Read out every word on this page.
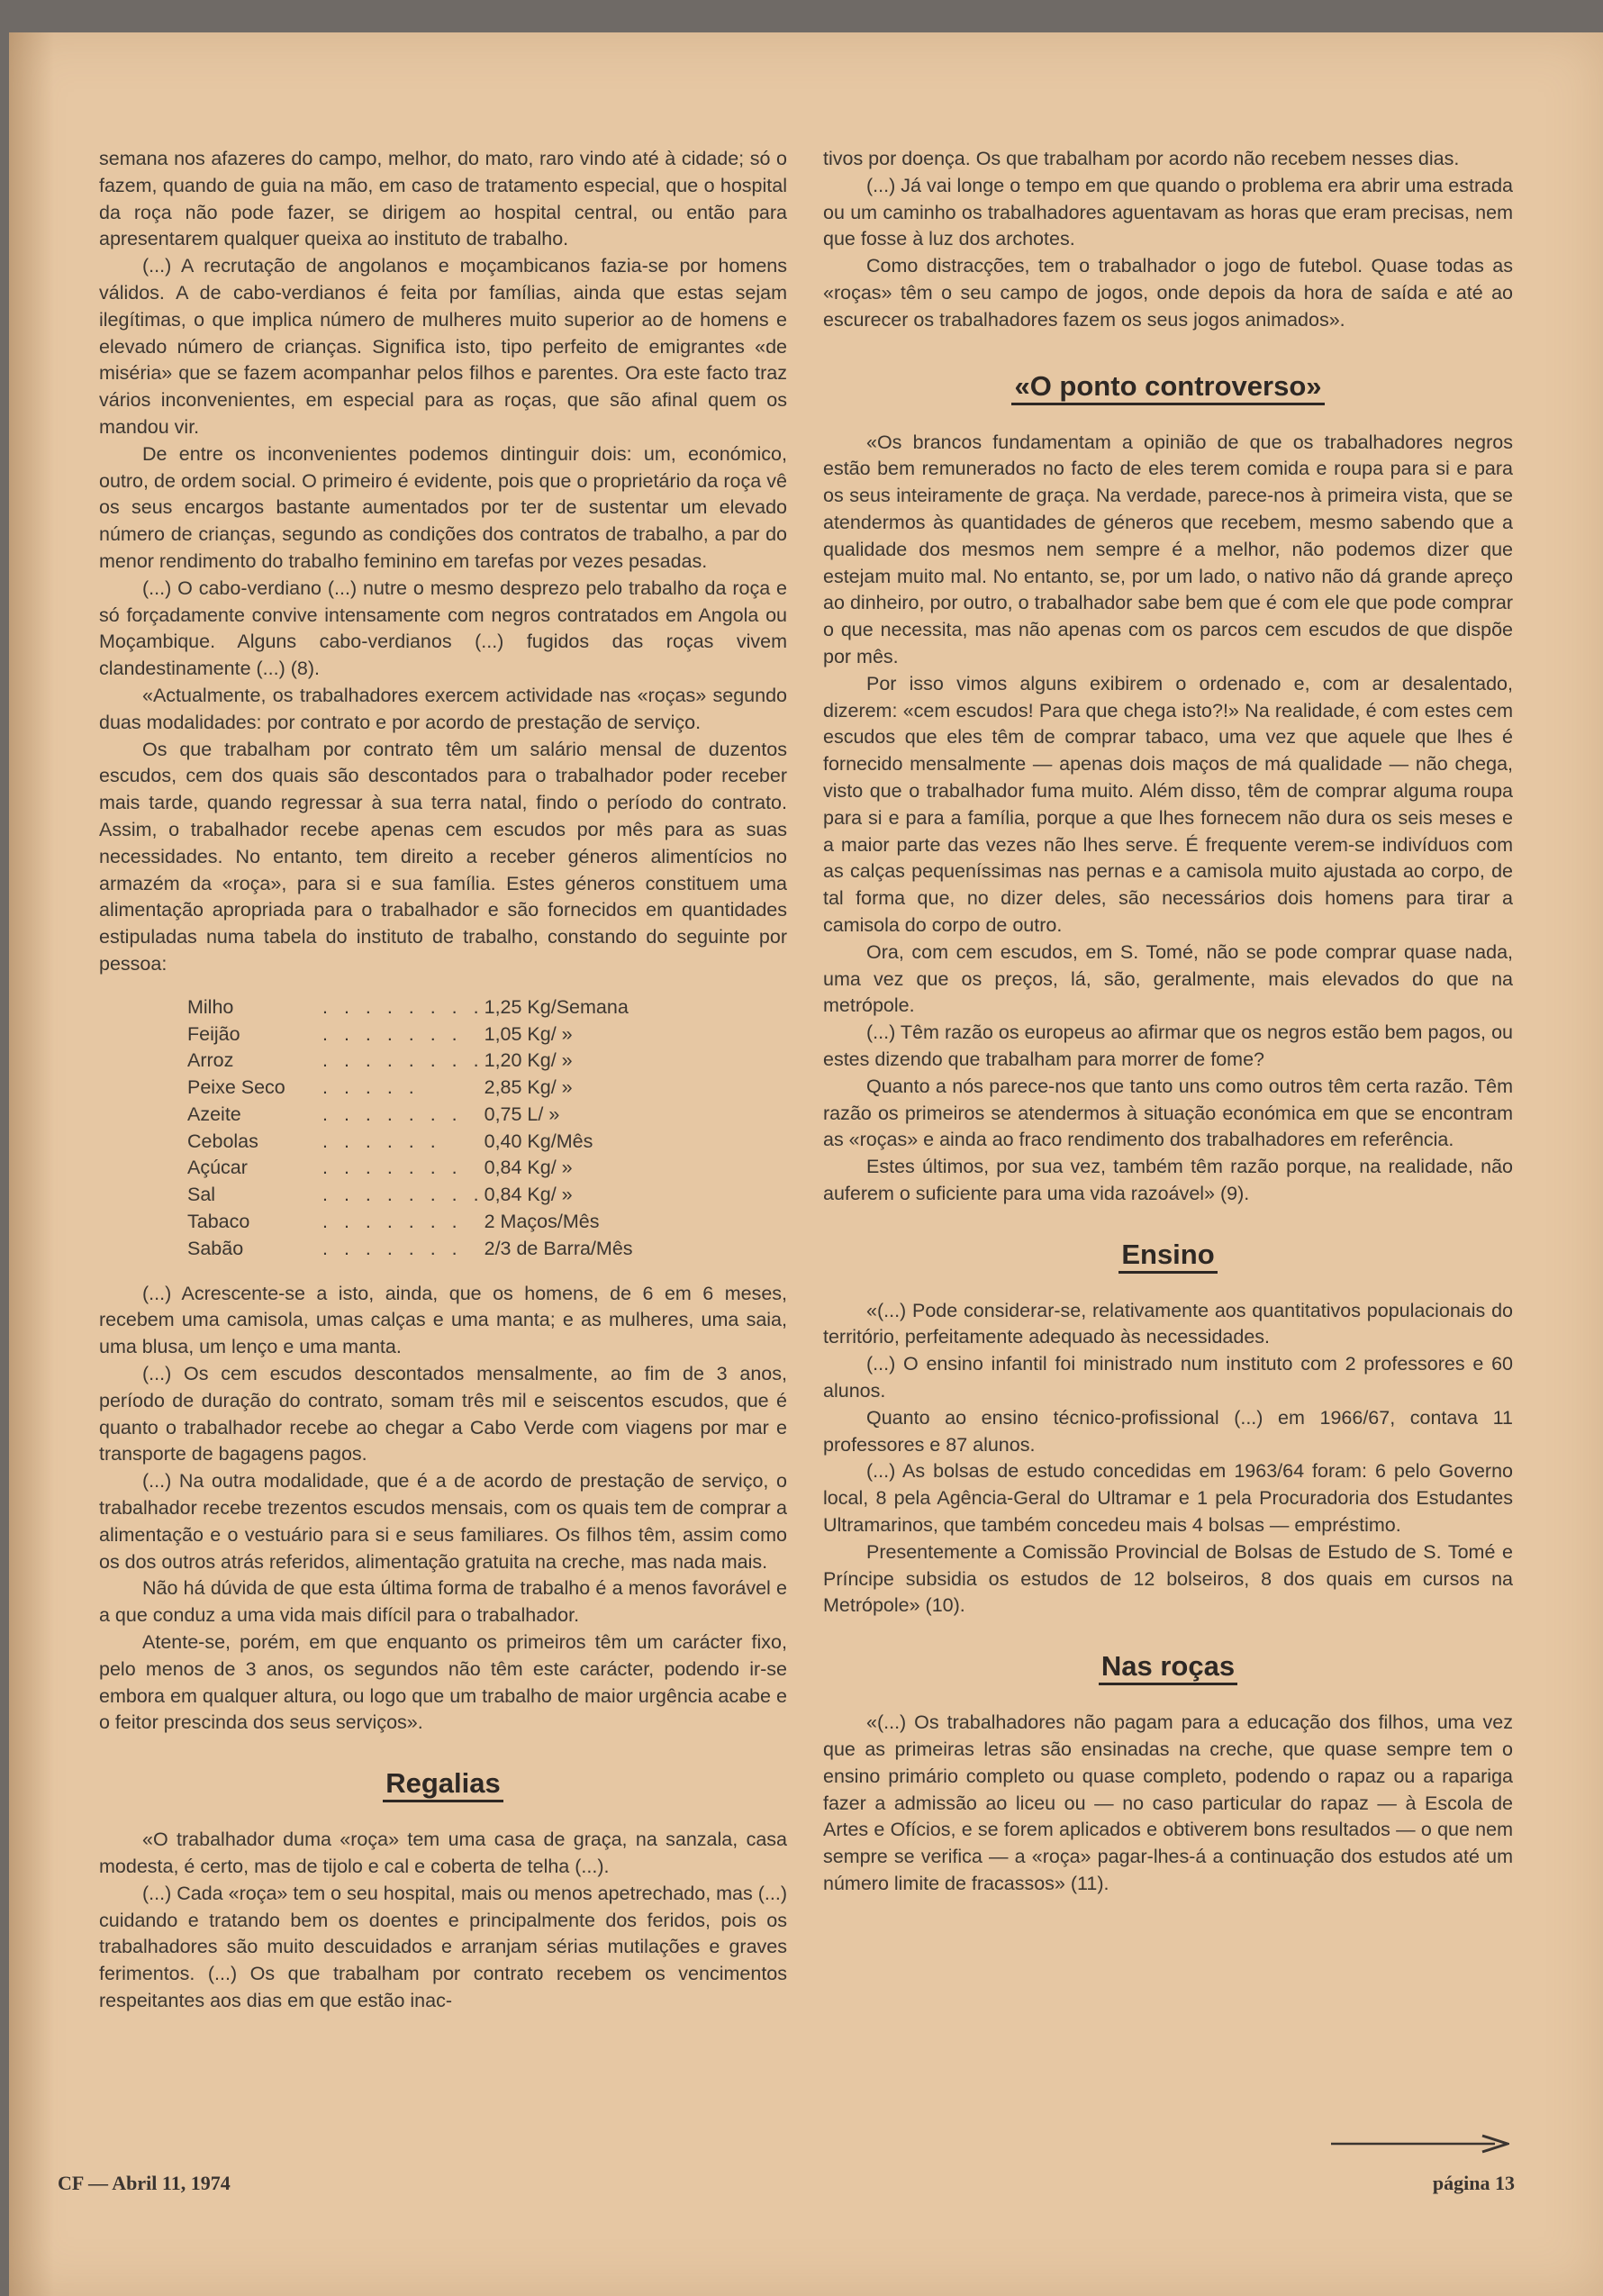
semana nos afazeres do campo, melhor, do mato, raro vindo até à cidade; só o fazem, quando de guia na mão, em caso de tratamento especial, que o hospital da roça não pode fazer, se dirigem ao hospital central, ou então para apresentarem qualquer queixa ao instituto de trabalho.

(...) A recrutação de angolanos e moçambicanos fazia-se por homens válidos. A de cabo-verdianos é feita por famílias, ainda que estas sejam ilegítimas, o que implica número de mulheres muito superior ao de homens e elevado número de crianças. Significa isto, tipo perfeito de emigrantes «de miséria» que se fazem acompanhar pelos filhos e parentes. Ora este facto traz vários inconvenientes, em especial para as roças, que são afinal quem os mandou vir.

De entre os inconvenientes podemos dintinguir dois: um, económico, outro, de ordem social. O primeiro é evidente, pois que o proprietário da roça vê os seus encargos bastante aumentados por ter de sustentar um elevado número de crianças, segundo as condições dos contratos de trabalho, a par do menor rendimento do trabalho feminino em tarefas por vezes pesadas.

(...) O cabo-verdiano (...) nutre o mesmo desprezo pelo trabalho da roça e só forçadamente convive intensamente com negros contratados em Angola ou Moçambique. Alguns cabo-verdianos (...) fugidos das roças vivem clandestinamente (...) (8).

«Actualmente, os trabalhadores exercem actividade nas «roças» segundo duas modalidades: por contrato e por acordo de prestação de serviço.

Os que trabalham por contrato têm um salário mensal de duzentos escudos, cem dos quais são descontados para o trabalhador poder receber mais tarde, quando regressar à sua terra natal, findo o período do contrato. Assim, o trabalhador recebe apenas cem escudos por mês para as suas necessidades. No entanto, tem direito a receber géneros alimentícios no armazém da «roça», para si e sua família. Estes géneros constituem uma alimentação apropriada para o trabalhador e são fornecidos em quantidades estipuladas numa tabela do instituto de trabalho, constando do seguinte por pessoa:

Milho	. . . . . . . .	1,25 Kg/Semana
Feijão	. . . . . . .	1,05 Kg/ »
Arroz	. . . . . . . .	1,20 Kg/ »
Peixe Seco	. . . . .	2,85 Kg/ »
Azeite	. . . . . . .	0,75 L/ »
Cebolas	. . . . . .	0,40 Kg/Mês
Açúcar	. . . . . . .	0,84 Kg/ »
Sal	. . . . . . . .	0,84 Kg/ »
Tabaco	. . . . . . .	2 Maços/Mês
Sabão	. . . . . . .	2/3 de Barra/Mês

(...) Acrescente-se a isto, ainda, que os homens, de 6 em 6 meses, recebem uma camisola, umas calças e uma manta; e as mulheres, uma saia, uma blusa, um lenço e uma manta.

(...) Os cem escudos descontados mensalmente, ao fim de 3 anos, período de duração do contrato, somam três mil e seiscentos escudos, que é quanto o trabalhador recebe ao chegar a Cabo Verde com viagens por mar e transporte de bagagens pagos.

(...) Na outra modalidade, que é a de acordo de prestação de serviço, o trabalhador recebe trezentos escudos mensais, com os quais tem de comprar a alimentação e o vestuário para si e seus familiares. Os filhos têm, assim como os dos outros atrás referidos, alimentação gratuita na creche, mas nada mais.

Não há dúvida de que esta última forma de trabalho é a menos favorável e a que conduz a uma vida mais difícil para o trabalhador.

Atente-se, porém, em que enquanto os primeiros têm um carácter fixo, pelo menos de 3 anos, os segundos não têm este carácter, podendo ir-se embora em qualquer altura, ou logo que um trabalho de maior urgência acabe e o feitor prescinda dos seus serviços».

Regalias

«O trabalhador duma «roça» tem uma casa de graça, na sanzala, casa modesta, é certo, mas de tijolo e cal e coberta de telha (...).

(...) Cada «roça» tem o seu hospital, mais ou menos apetrechado, mas (...) cuidando e tratando bem os doentes e principalmente dos feridos, pois os trabalhadores são muito descuidados e arranjam sérias mutilações e graves ferimentos. (...) Os que trabalham por contrato recebem os vencimentos respeitantes aos dias em que estão inac-

tivos por doença. Os que trabalham por acordo não recebem nesses dias.

(...) Já vai longe o tempo em que quando o problema era abrir uma estrada ou um caminho os trabalhadores aguentavam as horas que eram precisas, nem que fosse à luz dos archotes.

Como distracções, tem o trabalhador o jogo de futebol. Quase todas as «roças» têm o seu campo de jogos, onde depois da hora de saída e até ao escurecer os trabalhadores fazem os seus jogos animados».

«O ponto controverso»

«Os brancos fundamentam a opinião de que os trabalhadores negros estão bem remunerados no facto de eles terem comida e roupa para si e para os seus inteiramente de graça. Na verdade, parece-nos à primeira vista, que se atendermos às quantidades de géneros que recebem, mesmo sabendo que a qualidade dos mesmos nem sempre é a melhor, não podemos dizer que estejam muito mal. No entanto, se, por um lado, o nativo não dá grande apreço ao dinheiro, por outro, o trabalhador sabe bem que é com ele que pode comprar o que necessita, mas não apenas com os parcos cem escudos de que dispõe por mês.

Por isso vimos alguns exibirem o ordenado e, com ar desalentado, dizerem: «cem escudos! Para que chega isto?!» Na realidade, é com estes cem escudos que eles têm de comprar tabaco, uma vez que aquele que lhes é fornecido mensalmente — apenas dois maços de má qualidade — não chega, visto que o trabalhador fuma muito. Além disso, têm de comprar alguma roupa para si e para a família, porque a que lhes fornecem não dura os seis meses e a maior parte das vezes não lhes serve. É frequente verem-se indivíduos com as calças pequeníssimas nas pernas e a camisola muito ajustada ao corpo, de tal forma que, no dizer deles, são necessários dois homens para tirar a camisola do corpo de outro.

Ora, com cem escudos, em S. Tomé, não se pode comprar quase nada, uma vez que os preços, lá, são, geralmente, mais elevados do que na metrópole.

(...) Têm razão os europeus ao afirmar que os negros estão bem pagos, ou estes dizendo que trabalham para morrer de fome?

Quanto a nós parece-nos que tanto uns como outros têm certa razão. Têm razão os primeiros se atendermos à situação económica em que se encontram as «roças» e ainda ao fraco rendimento dos trabalhadores em referência.

Estes últimos, por sua vez, também têm razão porque, na realidade, não auferem o suficiente para uma vida razoável» (9).

Ensino

«(...) Pode considerar-se, relativamente aos quantitativos populacionais do território, perfeitamente adequado às necessidades.

(...) O ensino infantil foi ministrado num instituto com 2 professores e 60 alunos.

Quanto ao ensino técnico-profissional (...) em 1966/67, contava 11 professores e 87 alunos.

(...) As bolsas de estudo concedidas em 1963/64 foram: 6 pelo Governo local, 8 pela Agência-Geral do Ultramar e 1 pela Procuradoria dos Estudantes Ultramarinos, que também concedeu mais 4 bolsas — empréstimo.

Presentemente a Comissão Provincial de Bolsas de Estudo de S. Tomé e Príncipe subsidia os estudos de 12 bolseiros, 8 dos quais em cursos na Metrópole» (10).

Nas roças

«(...) Os trabalhadores não pagam para a educação dos filhos, uma vez que as primeiras letras são ensinadas na creche, que quase sempre tem o ensino primário completo ou quase completo, podendo o rapaz ou a rapariga fazer a admissão ao liceu ou — no caso particular do rapaz — à Escola de Artes e Ofícios, e se forem aplicados e obtiverem bons resultados — o que nem sempre se verifica — a «roça» pagar-lhes-á a continuação dos estudos até um número limite de fracassos» (11).

CF — Abril 11, 1974	página 13
